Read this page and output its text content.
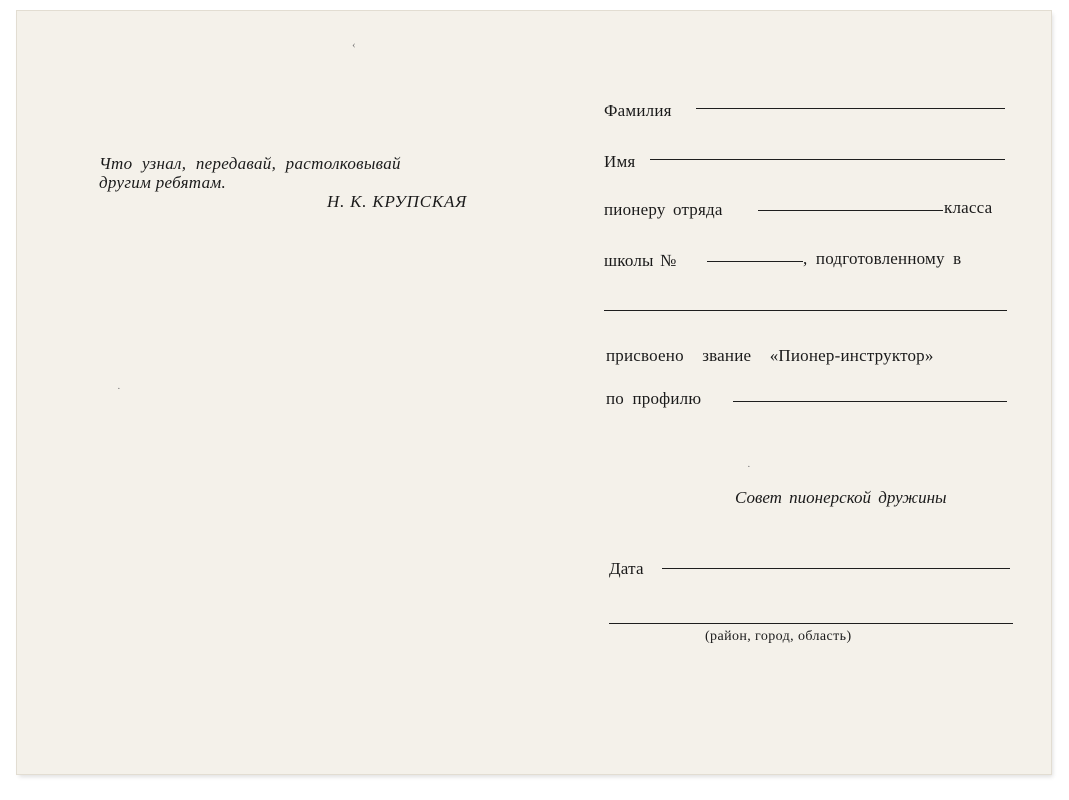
Что узнал, передавай, растолковывай
другим ребятам.
Н. К. КРУПСКАЯ
Фамилия
Имя
пионеру отряда	класса
школы №	, подготовленному в
присвоено звание «Пионер-инструктор»
по профилю
Совет пионерской дружины
Дата
(район, город, область)
‹
·
·
